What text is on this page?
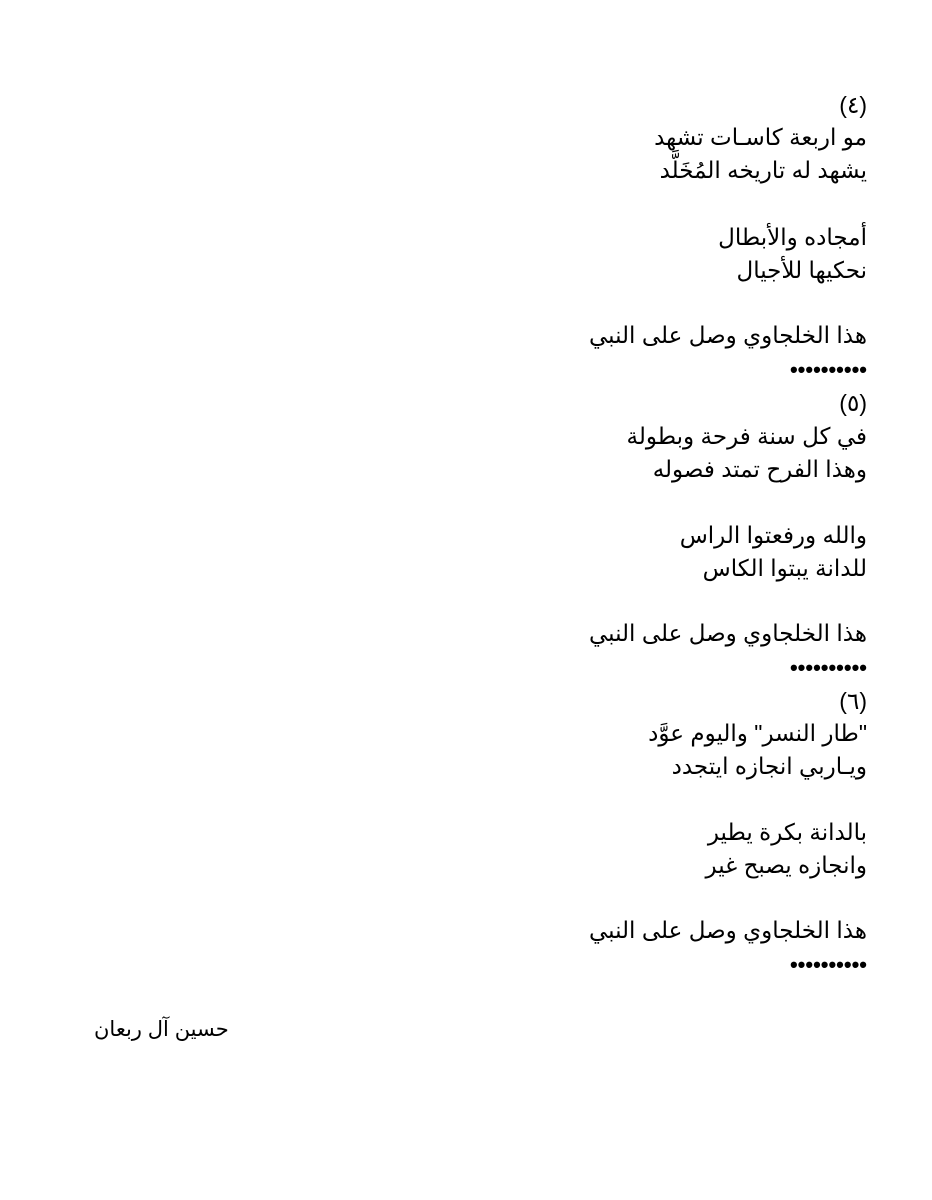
(٤)
مو اربعة كاسـات تشهد
يشهد له تاريخه المُخَلَّد
أمجاده والأبطال
نحكيها للأجيال
هذا الخلجاوي وصل على النبي
••••••••••
(٥)
في كل سنة فرحة وبطولة
وهذا الفرح تمتد فصوله
والله ورفعتوا الراس
للدانة يبتوا الكاس
هذا الخلجاوي وصل على النبي
••••••••••
(٦)
"طار النسر" واليوم عوَّد
ويـاربي انجازه ايتجدد
بالدانة بكرة يطير
وانجازه يصبح غير
هذا الخلجاوي وصل على النبي
••••••••••
حسين آل ربعان
